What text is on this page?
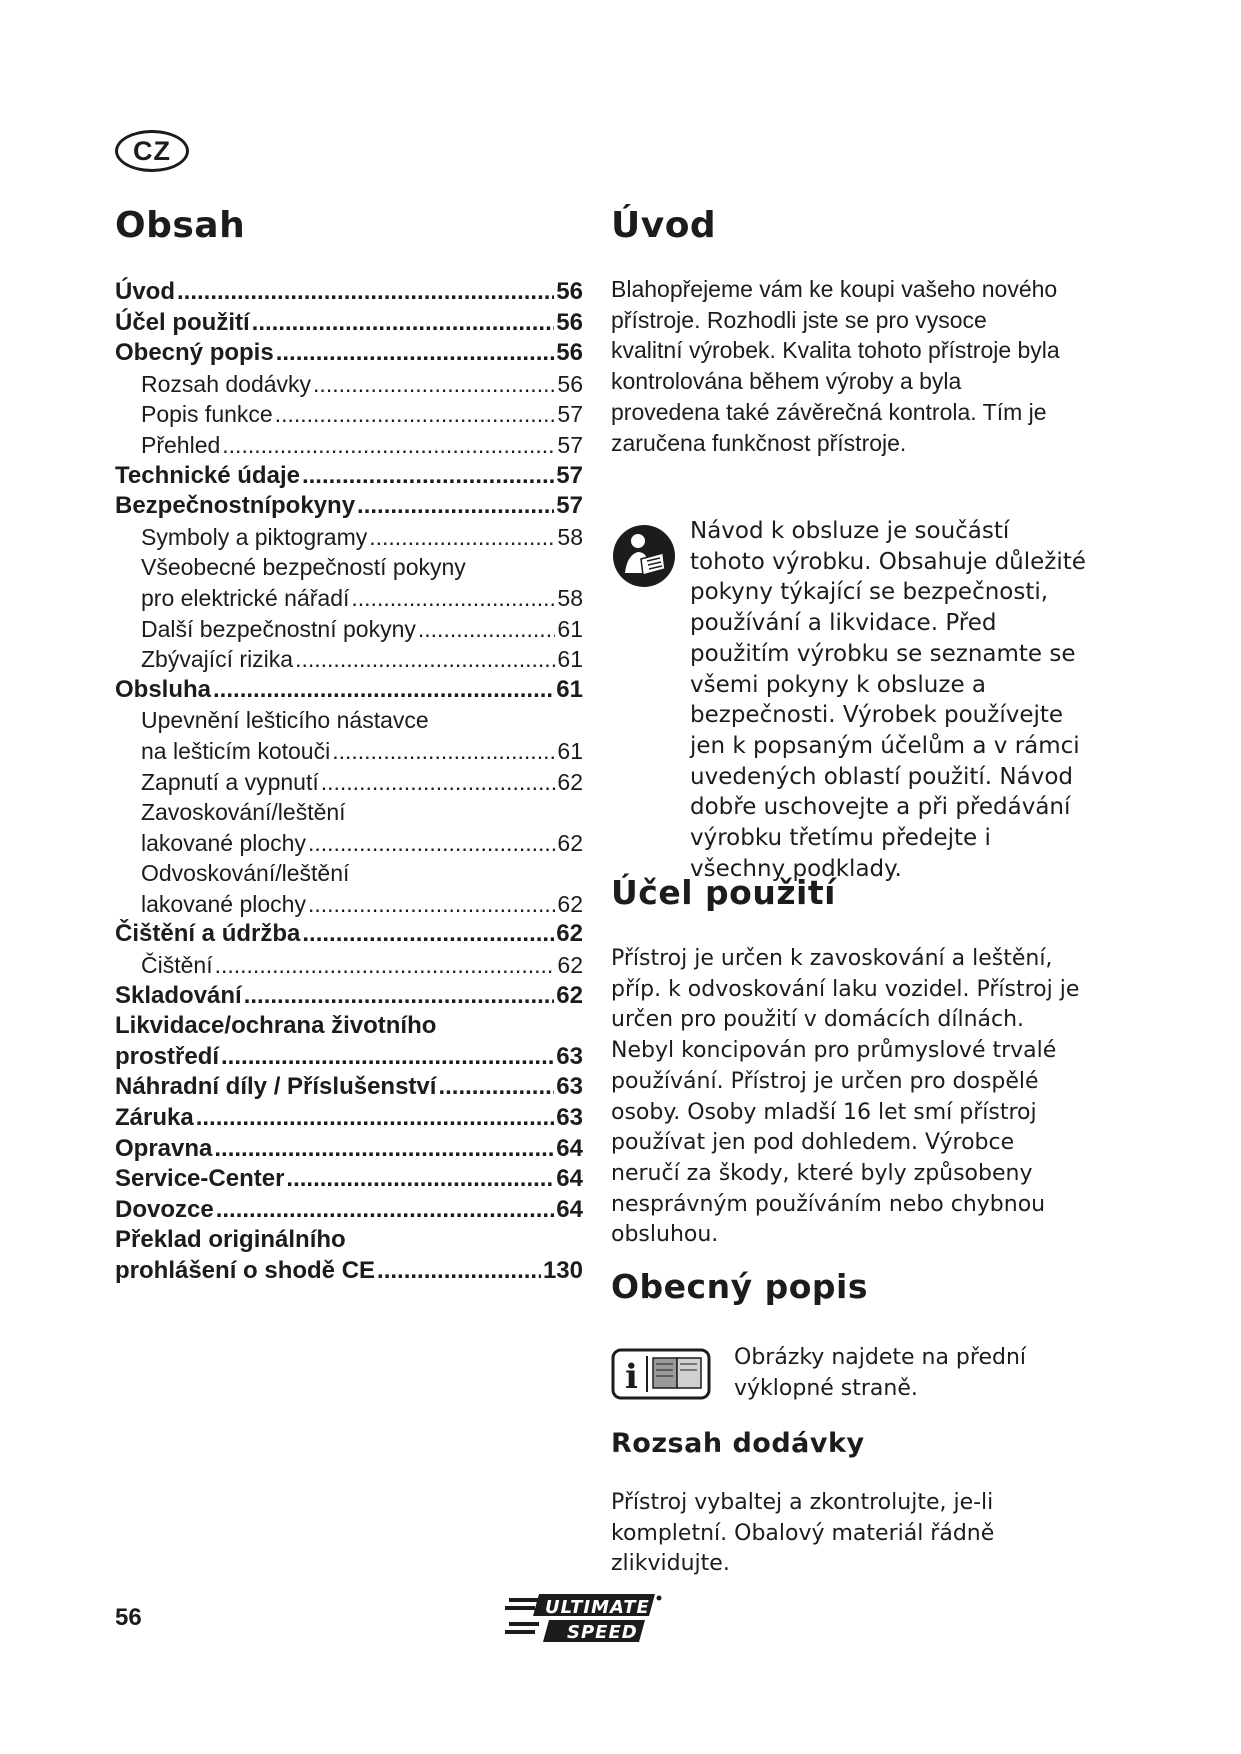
CZ
Obsah
Úvod .....	56
Účel použití .....	56
Obecný popis .....	56
Rozsah dodávky .....	56
Popis funkce .....	57
Přehled .....	57
Technické údaje .....	57
Bezpečnostnípokyny .....	57
Symboly a piktogramy .....	58
Všeobecné bezpečností pokyny
pro elektrické nářadí .....	58
Další bezpečnostní pokyny .....	61
Zbývající rizika .....	61
Obsluha .....	61
Upevnění lešticího nástavce
na lešticím kotouči .....	61
Zapnutí a vypnutí .....	62
Zavoskování/leštění
lakované plochy .....	62
Odvoskování/leštění
lakované plochy .....	62
Čištění a údržba .....	62
Čištění .....	62
Skladování .....	62
Likvidace/ochrana životního
prostředí .....	63
Náhradní díly / Příslušenství .....	63
Záruka .....	63
Opravna .....	64
Service-Center .....	64
Dovozce .....	64
Překlad originálního
prohlášení o shodě CE .....	130
Úvod

Blahopřejeme vám ke koupi vašeho nového přístroje. Rozhodli jste se pro vysoce kvalitní výrobek. Kvalita tohoto přístroje byla kontrolována během výroby a byla provedena také závěrečná kontrola. Tím je zaručena funkčnost přístroje.

Návod k obsluze je součástí tohoto výrobku. Obsahuje důležité pokyny týkající se bezpečnosti, používání a likvidace. Před použitím výrobku se seznamte se všemi pokyny k obsluze a bezpečnosti. Výrobek používejte jen k popsaným účelům a v rámci uvedených oblastí použití. Návod dobře uschovejte a při předávání výrobku třetímu předejte i všechny podklady.

Účel použití

Přístroj je určen k zavoskování a leštění, příp. k odvoskování laku vozidel. Přístroj je určen pro použití v domácích dílnách. Nebyl koncipován pro průmyslové trvalé používání. Přístroj je určen pro dospělé osoby. Osoby mladší 16 let smí přístroj používat jen pod dohledem. Výrobce neručí za škody, které byly způsobeny nesprávným používáním nebo chybnou obsluhou.

Obecný popis
i	Obrázky najdete na přední výklopné straně.

Rozsah dodávky

Přístroj vybaltej a zkontrolujte, je-li kompletní. Obalový materiál řádně zlikvidujte.

56	ULTIMATE
SPEED
